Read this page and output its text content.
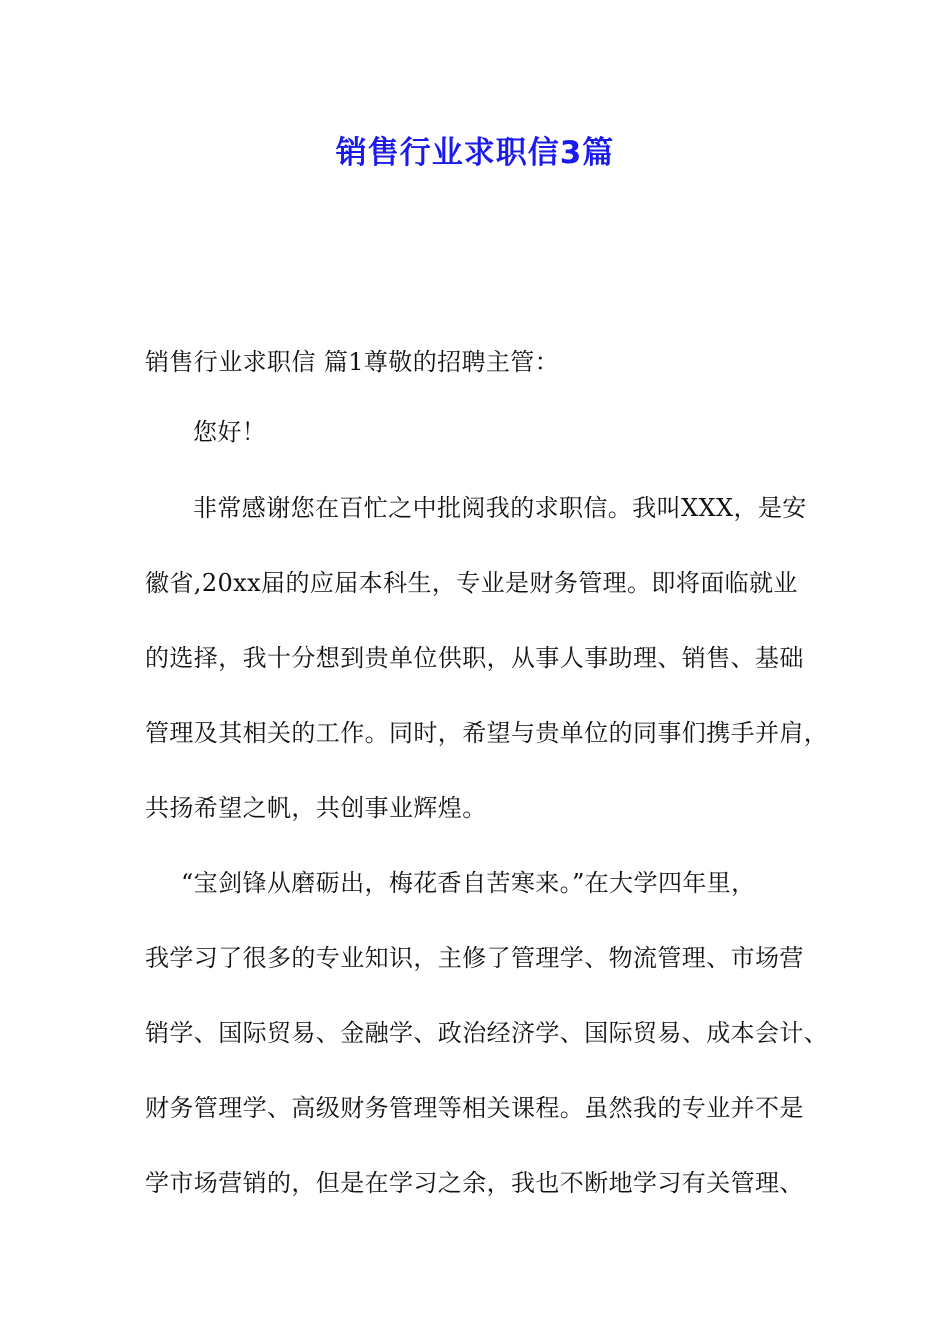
销售行业求职信3篇

销售行业求职信 篇1尊敬的招聘主管：

您好！

非常感谢您在百忙之中批阅我的求职信。我叫XXX，是安

徽省,20xx届的应届本科生，专业是财务管理。即将面临就业

的选择，我十分想到贵单位供职，从事人事助理、销售、基础

管理及其相关的工作。同时，希望与贵单位的同事们携手并肩，

共扬希望之帆，共创事业辉煌。

“宝剑锋从磨砺出，梅花香自苦寒来。”在大学四年里，

我学习了很多的专业知识，主修了管理学、物流管理、市场营

销学、国际贸易、金融学、政治经济学、国际贸易、成本会计、

财务管理学、高级财务管理等相关课程。虽然我的专业并不是

学市场营销的，但是在学习之余，我也不断地学习有关管理、
